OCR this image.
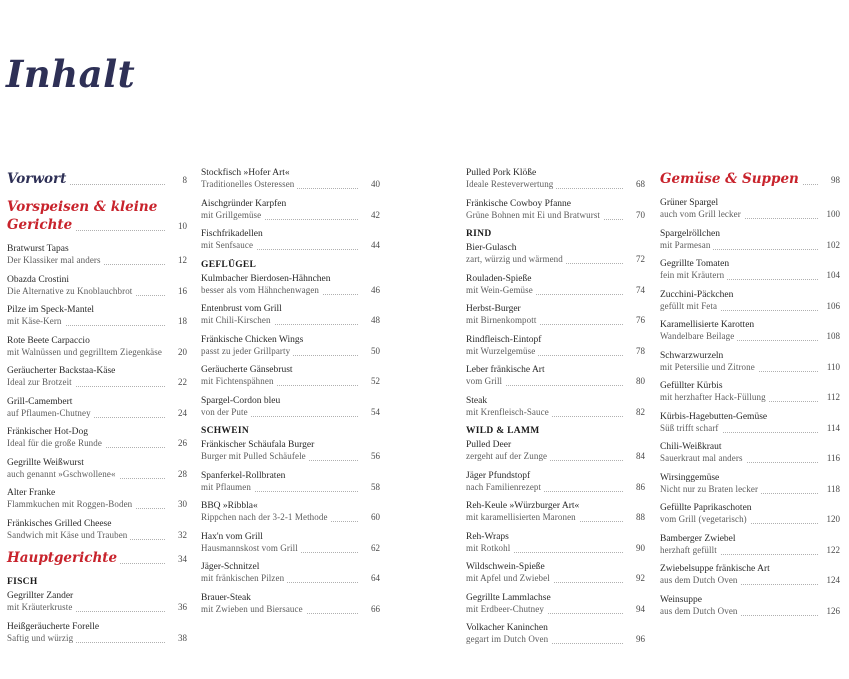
Inhalt
Vorwort	8
Vorspeisen & kleine Gerichte	10
Bratwurst Tapas
Der Klassiker mal anders	12
Obazda Crostini
Die Alternative zu Knoblauchbrot	16
Pilze im Speck-Mantel
mit Käse-Kern	18
Rote Beete Carpaccio
mit Walnüssen und gegrilltem Ziegenkäse	20
Geräucherter Backstaa-Käse
Ideal zur Brotzeit	22
Grill-Camembert
auf Pflaumen-Chutney	24
Fränkischer Hot-Dog
Ideal für die große Runde	26
Gegrillte Weißwurst
auch genannt »Gschwollene«	28
Alter Franke
Flammkuchen mit Roggen-Boden	30
Fränkisches Grilled Cheese
Sandwich mit Käse und Trauben	32
Hauptgerichte	34
FISCH
Gegrillter Zander
mit Kräuterkruste	36
Heißgeräucherte Forelle
Saftig und würzig	38
Stockfisch »Hofer Art«
Traditionelles Osteressen	40
Aischgründer Karpfen
mit Grillgemüse	42
Fischfrikadellen
mit Senfsauce	44
GEFLÜGEL
Kulmbacher Bierdosen-Hähnchen
besser als vom Hähnchenwagen	46
Entenbrust vom Grill
mit Chili-Kirschen	48
Fränkische Chicken Wings
passt zu jeder Grillparty	50
Geräucherte Gänsebrust
mit Fichtenspähnen	52
Spargel-Cordon bleu
von der Pute	54
SCHWEIN
Fränkischer Schäufala Burger
Burger mit Pulled Schäufele	56
Spanferkel-Rollbraten
mit Pflaumen	58
BBQ »Ribbla«
Rippchen nach der 3-2-1 Methode	60
Hax'n vom Grill
Hausmannskost vom Grill	62
Jäger-Schnitzel
mit fränkischen Pilzen	64
Brauer-Steak
mit Zwieben und Biersauce	66
Pulled Pork Klöße
Ideale Resteverwertung	68
Fränkische Cowboy Pfanne
Grüne Bohnen mit Ei und Bratwurst	70
RIND
Bier-Gulasch
zart, würzig und wärmend	72
Rouladen-Spieße
mit Wein-Gemüse	74
Herbst-Burger
mit Birnenkompott	76
Rindfleisch-Eintopf
mit Wurzelgemüse	78
Leber fränkische Art
vom Grill	80
Steak
mit Krenfleisch-Sauce	82
WILD & LAMM
Pulled Deer
zergeht auf der Zunge	84
Jäger Pfundstopf
nach Familienrezept	86
Reh-Keule »Würzburger Art«
mit karamellisierten Maronen	88
Reh-Wraps
mit Rotkohl	90
Wildschwein-Spieße
mit Apfel und Zwiebel	92
Gegrillte Lammlachse
mit Erdbeer-Chutney	94
Volkacher Kaninchen
gegart im Dutch Oven	96
Gemüse & Suppen	98
Grüner Spargel
auch vom Grill lecker	100
Spargelröllchen
mit Parmesan	102
Gegrillte Tomaten
fein mit Kräutern	104
Zucchini-Päckchen
gefüllt mit Feta	106
Karamellisierte Karotten
Wandelbare Beilage	108
Schwarzwurzeln
mit Petersilie und Zitrone	110
Gefüllter Kürbis
mit herzhafter Hack-Füllung	112
Kürbis-Hagebutten-Gemüse
Süß trifft scharf	114
Chili-Weißkraut
Sauerkraut mal anders	116
Wirsinggemüse
Nicht nur zu Braten lecker	118
Gefüllte Paprikaschoten
vom Grill (vegetarisch)	120
Bamberger Zwiebel
herzhaft gefüllt	122
Zwiebelsuppe fränkische Art
aus dem Dutch Oven	124
Weinsuppe
aus dem Dutch Oven	126
